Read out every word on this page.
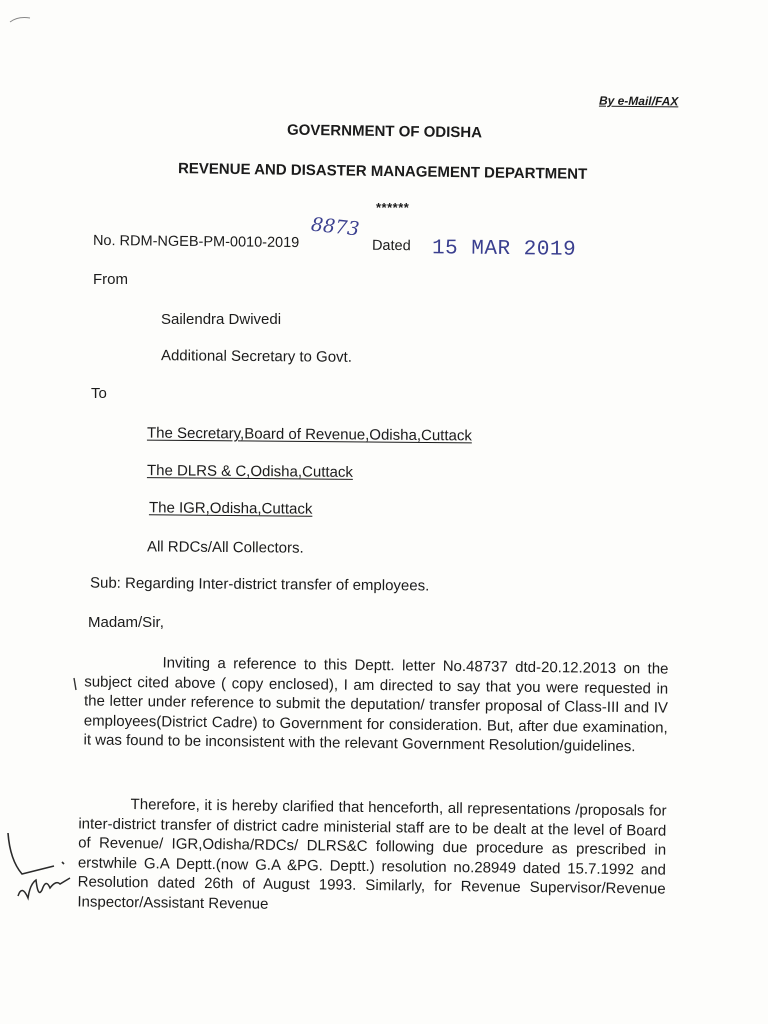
By e-Mail/FAX
GOVERNMENT OF ODISHA
REVENUE AND DISASTER MANAGEMENT DEPARTMENT
******
8873
No. RDM-NGEB-PM-0010-2019	Dated 15 MAR 2019
From
Sailendra Dwivedi
Additional Secretary to Govt.
To
The Secretary,Board of Revenue,Odisha,Cuttack
The DLRS & C,Odisha,Cuttack
The IGR,Odisha,Cuttack
All RDCs/All Collectors.
Sub: Regarding Inter-district transfer of employees.
Madam/Sir,

Inviting a reference to this Deptt. letter No.48737 dtd-20.12.2013 on the subject cited above ( copy enclosed), I am directed to say that you were requested in the letter under reference to submit the deputation/ transfer proposal of Class-III and IV employees(District Cadre) to Government for consideration. But, after due examination, it was found to be inconsistent with the relevant Government Resolution/guidelines.

Therefore, it is hereby clarified that henceforth, all representations /proposals for inter-district transfer of district cadre ministerial staff are to be dealt at the level of Board of Revenue/ IGR,Odisha/RDCs/ DLRS&C following due procedure as prescribed in erstwhile G.A Deptt.(now G.A &PG. Deptt.) resolution no.28949 dated 15.7.1992 and Resolution dated 26th of August 1993. Similarly, for Revenue Supervisor/Revenue Inspector/Assistant Revenue
